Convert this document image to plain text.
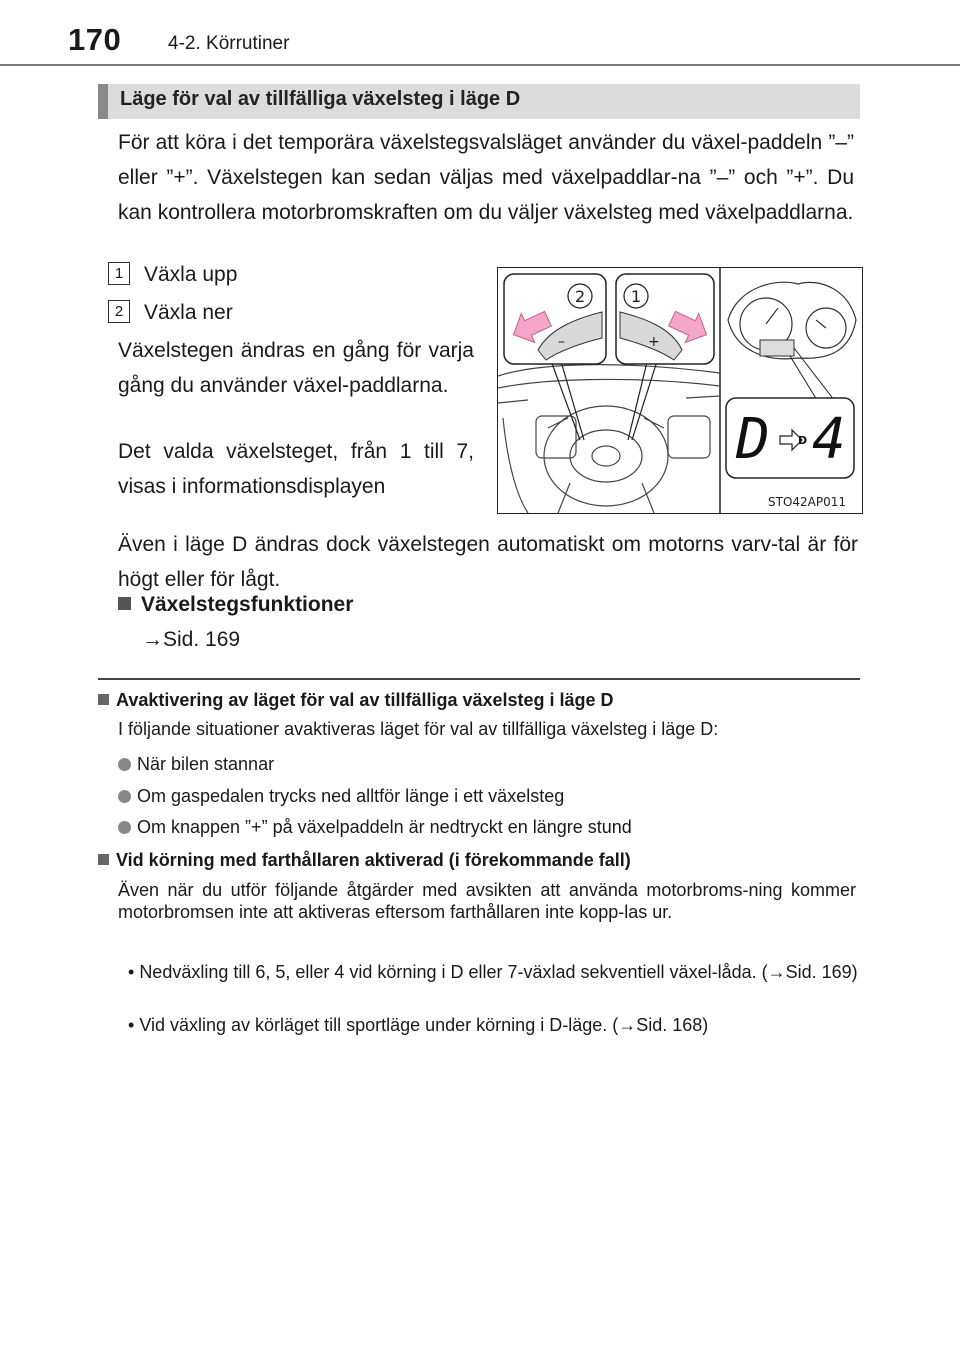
170 4-2. Körrutiner
Läge för val av tillfälliga växelsteg i läge D
För att köra i det temporära växelstegsvalsläget använder du växel-paddeln ”–” eller ”+”. Växelstegen kan sedan väljas med växelpaddlar-na ”–” och ”+”. Du kan kontrollera motorbromskraften om du väljer växelsteg med växelpaddlarna.
1 Växla upp
2 Växla ner
Växelstegen ändras en gång för varja gång du använder växel-paddlarna.
Det valda växelsteget, från 1 till 7, visas i informationsdisplayen
–
2
+
1
D	D 4
STO42AP011
Även i läge D ändras dock växelstegen automatiskt om motorns varv-tal är för högt eller för lågt.
Växelstegsfunktioner
→Sid. 169
Avaktivering av läget för val av tillfälliga växelsteg i läge D
I följande situationer avaktiveras läget för val av tillfälliga växelsteg i läge D:
När bilen stannar
Om gaspedalen trycks ned alltför länge i ett växelsteg
Om knappen ”+” på växelpaddeln är nedtryckt en längre stund
Vid körning med farthållaren aktiverad (i förekommande fall)
Även när du utför följande åtgärder med avsikten att använda motorbroms-ning kommer motorbromsen inte att aktiveras eftersom farthållaren inte kopp-las ur.
• Nedväxling till 6, 5, eller 4 vid körning i D eller 7-växlad sekventiell växel-låda. (→Sid. 169)
• Vid växling av körläget till sportläge under körning i D-läge. (→Sid. 168)
